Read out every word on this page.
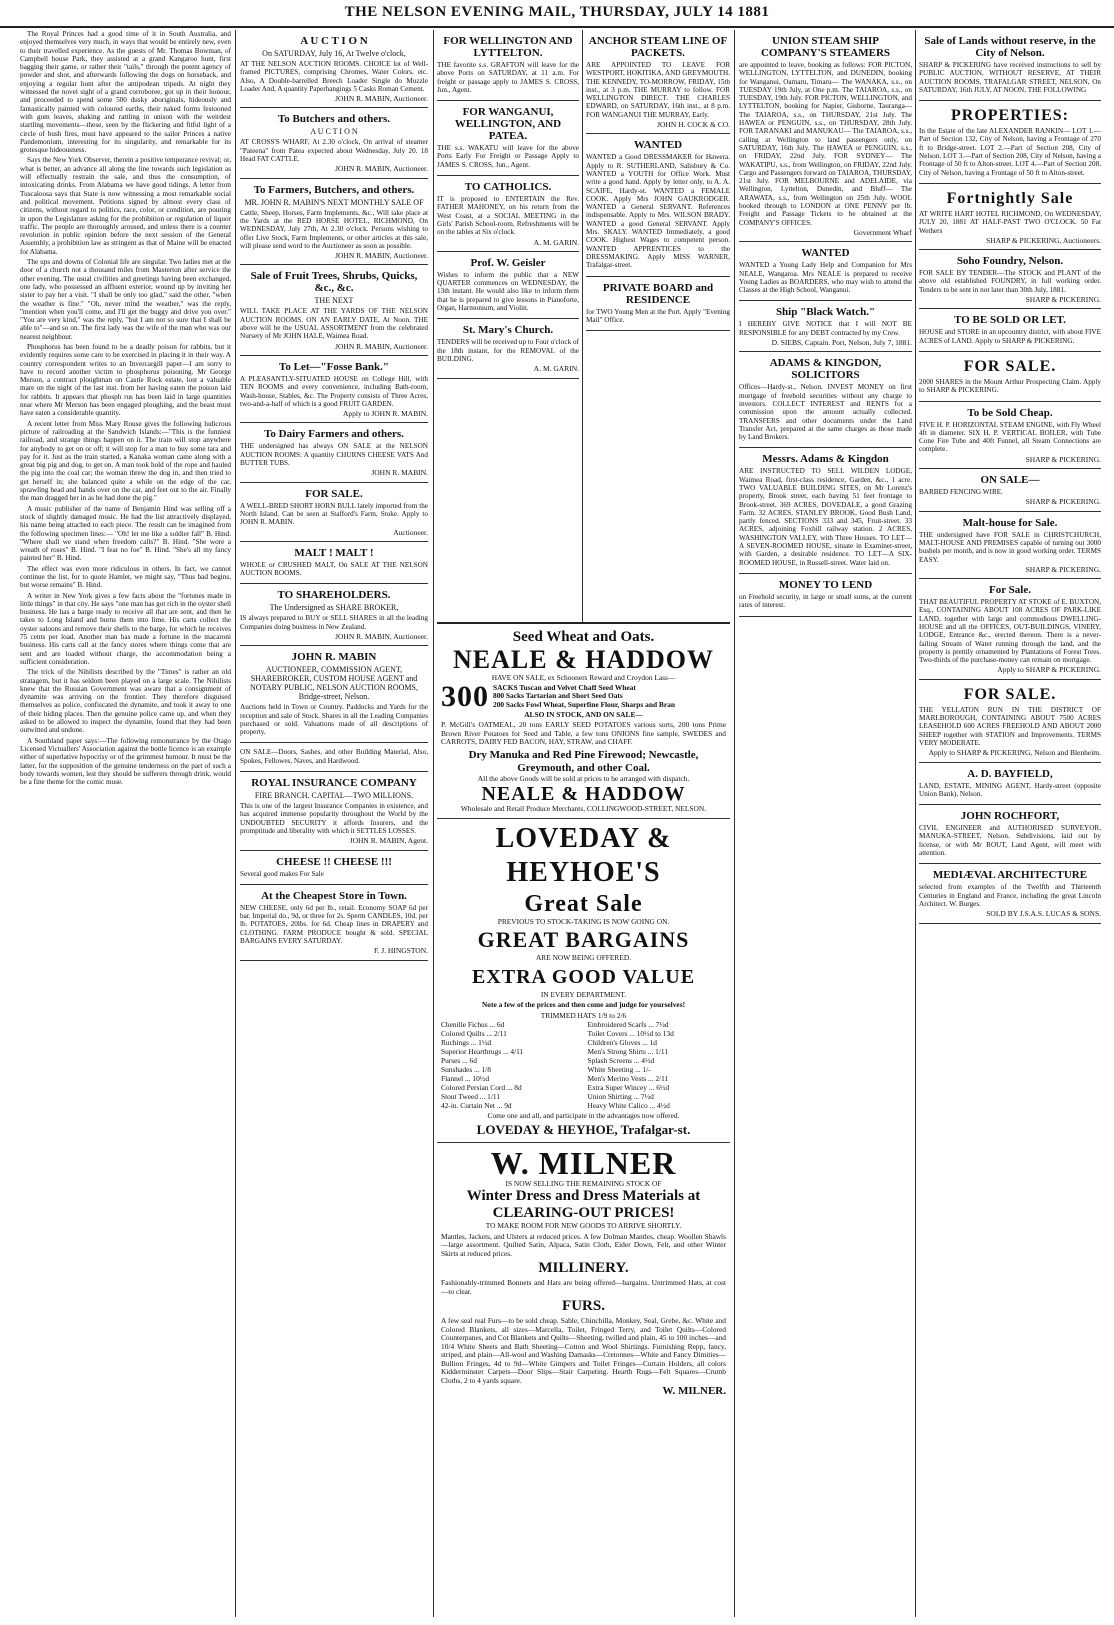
THE NELSON EVENING MAIL, THURSDAY, JULY 14 1881

The Royal Princes had a good time of it in South Australia, and enjoyed themselves very much, in ways that would be entirely new, even to their travelled experience. As the guests of Mr. Thomas Bowman, of Campbell house Park, they assisted at a grand Kangaroo hunt, first bagging their game, or rather their "tails," through the potent agency of powder and shot, and afterwards following the dogs on horseback, and enjoying a regular hunt after the antipodean tripeds. At night they witnessed the novel sight of a grand corroboree, got up in their honour, and proceeded to spend some 500 dusky aboriginals, hideously and fantastically painted with coloured earths, their naked forms festooned with gum leaves, shaking and rattling in unison with the weirdest startling movements—these, seen by the flickering and fitful light of a circle of bush fires, must have appeared to the sailor Princes a native Pandemonium, interesting for its singularity, and remarkable for its grotesque hideousness.

Says the New York Observer, therein a positive temperance revival; or, what is better, an advance all along the line towards such legislation as will effectually restrain the sale, and thus the consumption, of intoxicating drinks. From Alabama we have good tidings. A letter from Tuscaloosa says that State is now witnessing a most remarkable social and political movement. Petitions signed by almost every class of citizens, without regard to politics, race, color, or condition, are pouring in upon the Legislature asking for the prohibition or regulation of liquor traffic. The people are thoroughly aroused, and unless there is a counter revolution in public opinion before the next session of the General Assembly, a prohibition law as stringent as that of Maine will be enacted for Alabama.

The ups and downs of Colonial life are singular. Two ladies met at the door of a church not a thousand miles from Masterton after service the other evening. The usual civilities and greetings having been exchanged, one lady, who possessed an affluent exterior, wound up by inviting her sister to pay her a visit. "I shall be only too glad," said the other, "when the weather is fine." "Oh, never mind the weather," was the reply, "mention when you'll come, and I'll get the buggy and drive you over." "You are very kind," was the reply, "but I am not so sure that I shall be able to"—and so on. The first lady was the wife of the man who was our nearest neighbour.

Phosphorus has been found to be a deadly poison for rabbits, but it evidently requires some care to be exercised in placing it in their way. A country correspondent writes to an Invercargill paper—I am sorry to have to record another victim to phosphorus poisoning. Mr George Merson, a contract ploughman on Castle Rock estate, lost a valuable mare on the night of the last inst. from her having eaten the poison laid for rabbits. It appears that phosph rus has been laid in large quantities near where Mr Merson has been engaged ploughing, and the beast must have eaten a considerable quantity.

A recent letter from Miss Mary Rouse gives the following ludicrous picture of railroading at the Sandwich Islands:—"This is the funniest railroad, and strange things happen on it. The train will stop anywhere for anybody to get on or off; it will stop for a man to buy some tara and pay for it. Just as the train started, a Kanaka woman came along with a great big pig and dog, to get on. A man took hold of the rope and hauled the pig into the coal car; the woman threw the dog in, and then tried to get herself in; she balanced quite a while on the edge of the car, sprawling head and hands over on the car, and feet out to the air. Finally the man dragged her in as he had done the pig."

A music publisher of the name of Benjamin Hind was selling off a stock of slightly damaged music. He had the list attractively displayed, his name being attached to each piece. The result can be imagined from the following specimen lines:— "Oh! let me like a soldier fall" B. Hind. "Where shall we stand when freedom calls?" B. Hind. "She wore a wreath of roses" B. Hind. "I fear no foe" B. Hind. "She's all my fancy painted her" B. Hind.

The effect was even more ridiculous in others. In fact, we cannot continue the list, for to quote Hamlet, we might say, "Thus bad begins, but worse remains" B. Hind.

A writer in New York gives a few facts about the "fortunes made in little things" in that city. He says "one man has got rich in the oyster shell business. He has a barge ready to receive all that are sent, and then he takes to Long Island and burns them into lime. His carts collect the oyster saloons and remove their shells to the barge, for which he receives 75 cents per load. Another man has made a fortune in the macaroni business. His carts call at the fancy stores where things come that are sent and are loaded without charge, the accommodation being a sufficient consideration.

The trick of the Nihilists described by the "Times" is rather an old stratagem, but it has seldom been played on a large scale. The Nihilists knew that the Russian Government was aware that a consignment of dynamite was arriving on the frontier. They therefore disguised themselves as police, confiscated the dynamite, and took it away to one of their hiding places. Then the genuine police came up, and when they asked to be allowed to inspect the dynamite, found that they had been outwitted and undone.

A Southland paper says:—The following remonstrance by the Otago Licensed Victuallers' Association against the bottle licence is an example either of superlative hypocrisy or of the grimmest humour. It must be the latter, for the supposition of the genuine tenderness on the part of such a body towards women, lest they should be sufferers through drink, would be a fine theme for the comic muse.

A U C T I O N
On SATURDAY, July 16, At Twelve o'clock,
AT THE NELSON AUCTION ROOMS. CHOICE lot of Well-framed PICTURES, comprising Chromes, Water Colors, etc. Also, A Double-barrelled Breech Loader Single do Muzzle Loader And, A quantity Paperhangings 5 Casks Roman Cement.
JOHN R. MABIN, Auctioneer.
To Butchers and others.
A U C T I O N
AT CROSS'S WHARF, At 2.30 o'clock, On arrival of steamer "Pateena" from Patea expected about Wednesday, July 20. 18 Head FAT CATTLE.
JOHN R. MABIN, Auctioneer.
To Farmers, Butchers, and others.
MR. JOHN R. MABIN'S NEXT MONTHLY SALE OF
Cattle, Sheep, Horses, Farm Implements, &c., Will take place at the Yards at the RED HORSE HOTEL, RICHMOND, On WEDNESDAY, July 27th, At 2.30 o'clock. Persons wishing to offer Live Stock, Farm Implements, or other articles at this sale, will please send word to the Auctioneer as soon as possible.
JOHN R. MABIN, Auctioneer.
Sale of Fruit Trees, Shrubs, Quicks, &c., &c.
THE NEXT
WILL TAKE PLACE AT THE YARDS OF THE NELSON AUCTION ROOMS. ON AN EARLY DATE, At Noon. THE above will be the USUAL ASSORTMENT from the celebrated Nursery of Mr JOHN HALE, Waimea Road.
JOHN R. MABIN, Auctioneer.
To Let—"Fosse Bank."
A PLEASANTLY-SITUATED HOUSE on College Hill, with TEN ROOMS and every convenience, including Bath-room, Wash-house, Stables, &c. The Property consists of Three Acres, two-and-a-half of which is a good FRUIT GARDEN.
Apply to JOHN R. MABIN.
To Dairy Farmers and others.
THE undersigned has always ON SALE at the NELSON AUCTION ROOMS: A quantity CHURNS CHEESE VATS And BUTTER TUBS.
JOHN R. MABIN.
FOR SALE.
A WELL-BRED SHORT HORN BULL lately imported from the North Island. Can be seen at Stafford's Farm, Stoke. Apply to JOHN R. MABIN.
Auctioneer.
MALT ! MALT !
WHOLE or CRUSHED MALT, On SALE AT THE NELSON AUCTION ROOMS.
TO SHAREHOLDERS.
The Undersigned as SHARE BROKER,
IS always prepared to BUY or SELL SHARES in all the leading Companies doing business in New Zealand.
JOHN R. MABIN, Auctioneer.
JOHN R. MABIN
AUCTIONEER, COMMISSION AGENT, SHAREBROKER, CUSTOM HOUSE AGENT and NOTARY PUBLIC, NELSON AUCTION ROOMS, Bridge-street, Nelson.
Auctions held in Town or Country. Paddocks and Yards for the reception and sale of Stock. Shares in all the Leading Companies purchased or sold. Valuations made of all descriptions of property.
ON SALE—Doors, Sashes, and other Building Material, Also, Spokes, Fellowes, Naves, and Hardwood.
ROYAL INSURANCE COMPANY
FIRE BRANCH. CAPITAL—TWO MILLIONS.
This is one of the largest Insurance Companies in existence, and has acquired immense popularity throughout the World by the UNDOUBTED SECURITY it affords Insurers, and the promptitude and liberality with which it SETTLES LOSSES.
JOHN R. MABIN, Agent.
CHEESE !! CHEESE !!!
Several good makes For Sale
At the Cheapest Store in Town.
NEW CHEESE, only 6d per lb., retail. Economy SOAP 6d per bar. Imperial do., 9d, or three for 2s. Sperm CANDLES, 10d. per lb. POTATOES, 20lbs. for 6d. Cheap lines in DRAPERY and CLOTHING. FARM PRODUCE bought & sold. SPECIAL BARGAINS EVERY SATURDAY.
F. J. HINGSTON.
FOR WELLINGTON AND LYTTELTON.
THE favorite s.s. GRAFTON will leave for the above Ports on SATURDAY, at 11 a.m. For freight or passage apply to JAMES S. CROSS, Jun., Agent.
FOR WANGANUI, WELLINGTON, AND PATEA.
THE s.s. WAKATU will leave for the above Ports Early For Freight or Passage Apply to JAMES S. CROSS, Jun., Agent.
TO CATHOLICS.
IT is proposed to ENTERTAIN the Rev. FATHER MAHONEY, on his return from the West Coast, at a SOCIAL MEETING in the Girls' Parish School-room. Refreshments will be on the tables at Six o'clock.
A. M. GARIN.
Prof. W. Geisler
Wishes to inform the public that a NEW QUARTER commences on WEDNESDAY, the 13th instant. He would also like to inform them that he is prepared to give lessons in Pianoforte, Organ, Harmonium, and Violin.
St. Mary's Church.
TENDERS will be received up to Four o'clock of the 18th instant, for the REMOVAL of the BUILDING.
A. M. GARIN.
ANCHOR STEAM LINE OF PACKETS.
ARE APPOINTED TO LEAVE FOR WESTPORT, HOKITIKA, AND GREYMOUTH. THE KENNEDY, TO-MORROW, FRIDAY, 15th inst., at 3 p.m. THE MURRAY to follow. FOR WELLINGTON DIRECT. THE CHARLES EDWARD, on SATURDAY, 16th inst., at 8 p.m. FOR WANGANUI THE MURRAY, Early.
JOHN H. COCK & CO.
WANTED
WANTED a Good DRESSMAKER for Hawera. Apply to R. SUTHERLAND, Salisbury & Co. WANTED a YOUTH for Office Work. Must write a good hand. Apply by letter only, to A. A. SCAIFE, Hardy-st. WANTED a FEMALE COOK. Apply Mrs JOHN GAUKRODGER. WANTED a General SERVANT. References indispensable. Apply to Mrs. WILSON BRADY. WANTED a good General SERVANT. Apply Mrs. SKALY. WANTED Immediately, a good COOK. Highest Wages to competent person. WANTED APPRENTICES to the DRESSMAKING. Apply MISS WARNER, Trafalgar-street.
PRIVATE BOARD and RESIDENCE
for TWO Young Men at the Port. Apply "Evening Mail" Office.
UNION STEAM SHIP COMPANY'S STEAMERS
are appointed to leave, booking as follows: FOR PICTON, WELLINGTON, LYTTELTON, and DUNEDIN, booking for Wanganui, Oamaru, Timaru— The WANAKA, s.s., on TUESDAY 19th July, at One p.m. The TAIAROA, s.s., on TUESDAY, 19th July. FOR PICTON, WELLINGTON, and LYTTELTON, booking for Napier, Gisborne, Tauranga— The TAIAROA, s.s., on THURSDAY, 21st July. The HAWEA or PENGUIN, s.s., on THURSDAY, 28th July. FOR TARANAKI and MANUKAU— The TAIAROA, s.s., calling at Wellington to land passengers only, on SATURDAY, 16th July. The HAWEA or PENGUIN, s.s., on FRIDAY, 22nd July. FOR SYDNEY— The WAKATIPU, s.s., from Wellington, on FRIDAY, 22nd July. Cargo and Passengers forward on TAIAROA, THURSDAY, 21st July. FOR MELBOURNE and ADELAIDE, via Wellington, Lyttelton, Dunedin, and Bluff— The ARAWATA, s.s., from Wellington on 25th July. WOOL booked through to LONDON at ONE PENNY per lb. Freight and Passage Tickets to be obtained at the COMPANY'S OFFICES.
Government Wharf
WANTED
WANTED a Young Lady Help and Companion for Mrs NEALE, Wangaroa. Mrs NEALE is prepared to receive Young Ladies as BOARDERS, who may wish to attend the Classes at the High School, Wanganui.
Ship "Black Watch."
I HEREBY GIVE NOTICE that I will NOT BE RESPONSIBLE for any DEBT contracted by my Crew.
D. SIEBS, Captain. Port, Nelson, July 7, 1881.
ADAMS & KINGDON, SOLICITORS
Offices—Hardy-st., Nelson. INVEST MONEY on first mortgage of freehold securities without any charge to investors. COLLECT INTEREST and RENTS for a commission upon the amount actually collected. TRANSFERS and other documents under the Land Transfer Act, prepared at the same charges as those made by Land Brokers.
Messrs. Adams & Kingdon
ARE INSTRUCTED TO SELL WILDEN LODGE, Waimea Road, first-class residence, Garden, &c., 1 acre. TWO VALUABLE BUILDING SITES, on Mr Lorenz's property, Brook street, each having 51 feet frontage to Brook-street. 369 ACRES, DOVEDALE, a good Grazing Farm. 32 ACRES, STANLEY BROOK, Good Bush Land, partly fenced. SECTIONS 333 and 345, Fruit-street. 33 ACRES, adjoining Foxhill railway station. 2 ACRES, WASHINGTON VALLEY, with Three Houses. TO LET—A SEVEN-ROOMED HOUSE, situate in Examiner-street, with Garden, a desirable residence. TO LET—A SIX-ROOMED HOUSE, in Russell-street. Water laid on.
MONEY TO LEND
on Freehold security, in large or small sums, at the current rates of interest.
Sale of Lands without reserve, in the City of Nelson.
SHARP & PICKERING have received instructions to sell by PUBLIC AUCTION, WITHOUT RESERVE, AT THEIR AUCTION ROOMS, TRAFALGAR STREET, NELSON, On SATURDAY, 16th JULY, AT NOON, THE FOLLOWING
PROPERTIES:
In the Estate of the late ALEXANDER RANKIN— LOT 1.—Part of Section 132, City of Nelson, having a Frontage of 270 ft to Bridge-street. LOT 2.—Part of Section 208, City of Nelson. LOT 3.—Part of Section 208, City of Nelson, having a Frontage of 50 ft to Alton-street. LOT 4.—Part of Section 208, City of Nelson, having a Frontage of 50 ft to Alton-street.
Fortnightly Sale
AT WRITE HART HOTEL RICHMOND, On WEDNESDAY, JULY 20, 1881 AT HALF-PAST TWO O'CLOCK. 50 Fat Wethers
SHARP & PICKERING, Auctioneers.
Soho Foundry, Nelson.
FOR SALE BY TENDER—The STOCK and PLANT of the above old established FOUNDRY, in full working order. Tenders to be sent in not later than 30th July, 1881.
SHARP & PICKERING.
TO BE SOLD OR LET.
HOUSE and STORE in an upcountry district, with about FIVE ACRES of LAND. Apply to SHARP & PICKERING.
FOR SALE.
2000 SHARES in the Mount Arthur Prospecting Claim. Apply to SHARP & PICKERING.
To be Sold Cheap.
FIVE H. P. HORIZONTAL STEAM ENGINE, with Fly Wheel 4ft in diameter. SIX H. P. VERTICAL BOILER, with Tube Cone Fire Tube and 40ft Funnel, all Steam Connections are complete.
SHARP & PICKERING.
ON SALE—
BARBED FENCING WIRE.
SHARP & PICKERING.
Malt-house for Sale.
THE undersigned have FOR SALE in CHRISTCHURCH, MALT-HOUSE AND PREMISES capable of turning out 3000 bushels per month, and is now in good working order. TERMS EASY.
SHARP & PICKERING.
For Sale.
THAT BEAUTIFUL PROPERTY AT STOKE of E. BUXTON, Esq., CONTAINING ABOUT 108 ACRES OF PARK-LIKE LAND, together with large and commodious DWELLING-HOUSE and all the OFFICES, OUT-BUILDINGS, VINERY, LODGE, Entrance &c., erected thereon. There is a never-failing Stream of Water running through the land, and the property is prettily ornamented by Plantations of Forest Trees. Two-thirds of the purchase-money can remain on mortgage.
Apply to SHARP & PICKERING.
FOR SALE.
THE YELLATON RUN IN THE DISTRICT OF MARLBOROUGH, CONTAINING ABOUT 7500 ACRES LEASEHOLD 600 ACRES FREEHOLD AND ABOUT 2000 SHEEP together with STATION and Improvements. TERMS VERY MODERATE.
Apply to SHARP & PICKERING, Nelson and Blenheim.
A. D. BAYFIELD,
LAND, ESTATE, MINING AGENT, Hardy-street (opposite Union Bank), Nelson.
JOHN ROCHFORT,
CIVIL ENGINEER and AUTHORISED SURVEYOR, MANUKA-STREET, Nelson. Subdivisions, laid out by license, or with Mr ROUT, Land Agent, will meet with attention.
MEDIÆVAL ARCHITECTURE
selected from examples of the Twelfth and Thirteenth Centuries in England and France, including the great Lincoln Architect. W. Burges.
SOLD BY J.S.A.S. LUCAS & SONS.
Seed Wheat and Oats.
NEALE & HADDOW
HAVE ON SALE, ex Schooners Reward and Croydon Lass—
300 SACKS Tuscan and Velvet Chaff Seed Wheat
800 Sacks Tartarian and Short Seed Oats
200 Sacks Fowl Wheat, Superfine Flour, Sharps and Bran
ALSO IN STOCK, AND ON SALE—
P. McGill's OATMEAL, 20 tons EARLY SEED POTATOES various sorts, 200 tons Prime Brown River Potatoes for Seed and Table, a few tons ONIONS fine sample, SWEDES and CARROTS, DAIRY FED BACON, HAY, STRAW, and CHAFF.
Dry Manuka and Red Pine Firewood; Newcastle, Greymouth, and other Coal.
All the above Goods will be sold at prices to be arranged with dispatch.
NEALE & HADDOW
Wholesale and Retail Produce Merchants, COLLINGWOOD-STREET, NELSON.
LOVEDAY & HEYHOE'S
Great Sale
PREVIOUS TO STOCK-TAKING IS NOW GOING ON.
GREAT BARGAINS
ARE NOW BEING OFFERED.
EXTRA GOOD VALUE
IN EVERY DEPARTMENT.
Note a few of the prices and then come and judge for yourselves!
TRIMMED HATS 1/9 to 2/6
Chenille Fichus ... 6d
Colored Quilts ... 2/11
Ruchings ... 1½d
Superior Hearthrugs ... 4/11
Purses ... 6d
Sunshades ... 1/8
Flannel ... 10½d
Colored Persian Cord ... 8d
Stout Tweed ... 1/11
42-in. Curtain Net ... 9d
Embroidered Scarfs ... 7½d
Toilet Covers ... 10½d to 13d
Children's Gloves ... 1d
Men's Strong Shirts ... 1/11
Splash Screens ... 4½d
White Sheeting ... 1/-
Men's Merino Vests ... 2/11
Extra Super Wincey ... 6½d
Union Shirting ... 7½d
Heavy White Calico ... 4½d
Come one and all, and participate in the advantages now offered.
LOVEDAY & HEYHOE, Trafalgar-st.
W. MILNER
IS NOW SELLING THE REMAINING STOCK OF
Winter Dress and Dress Materials at
CLEARING-OUT PRICES!
TO MAKE ROOM FOR NEW GOODS TO ARRIVE SHORTLY.
Mantles, Jackets, and Ulsters at reduced prices. A few Dolman Mantles, cheap. Woollen Shawls—large assortment. Quilted Satin, Alpaca, Satin Cloth, Eider Down, Felt, and other Winter Skirts at reduced prices.
MILLINERY.
Fashionably-trimmed Bonnets and Hats are being offered—bargains. Untrimmed Hats, at cost—to clear.
FURS.
A few seal real Furs—to be sold cheap. Sable, Chinchilla, Monkey, Seal, Grebe, &c. White and Colored Blankets, all sizes—Marcella, Toilet, Fringed Terry, and Toilet Quilts—Colored Counterpanes, and Cot Blankets and Quilts—Sheeting, twilled and plain, 45 to 100 inches—and 10/4 White Sheets and Bath Sheeting—Cotton and Wool Shirtings. Furnishing Repp, fancy, striped, and plain—All-wool and Washing Damasks—Cretonnes—White and Fancy Dimities—Bullion Fringes, 4d to 9d—White Gimpers and Toilet Fringes—Curtain Holders, all colors Kidderminster Carpets—Door Slips—Stair Carpeting. Hearth Rugs—Felt Squares—Crumb Cloths, 2 to 4 yards square.
W. MILNER.
